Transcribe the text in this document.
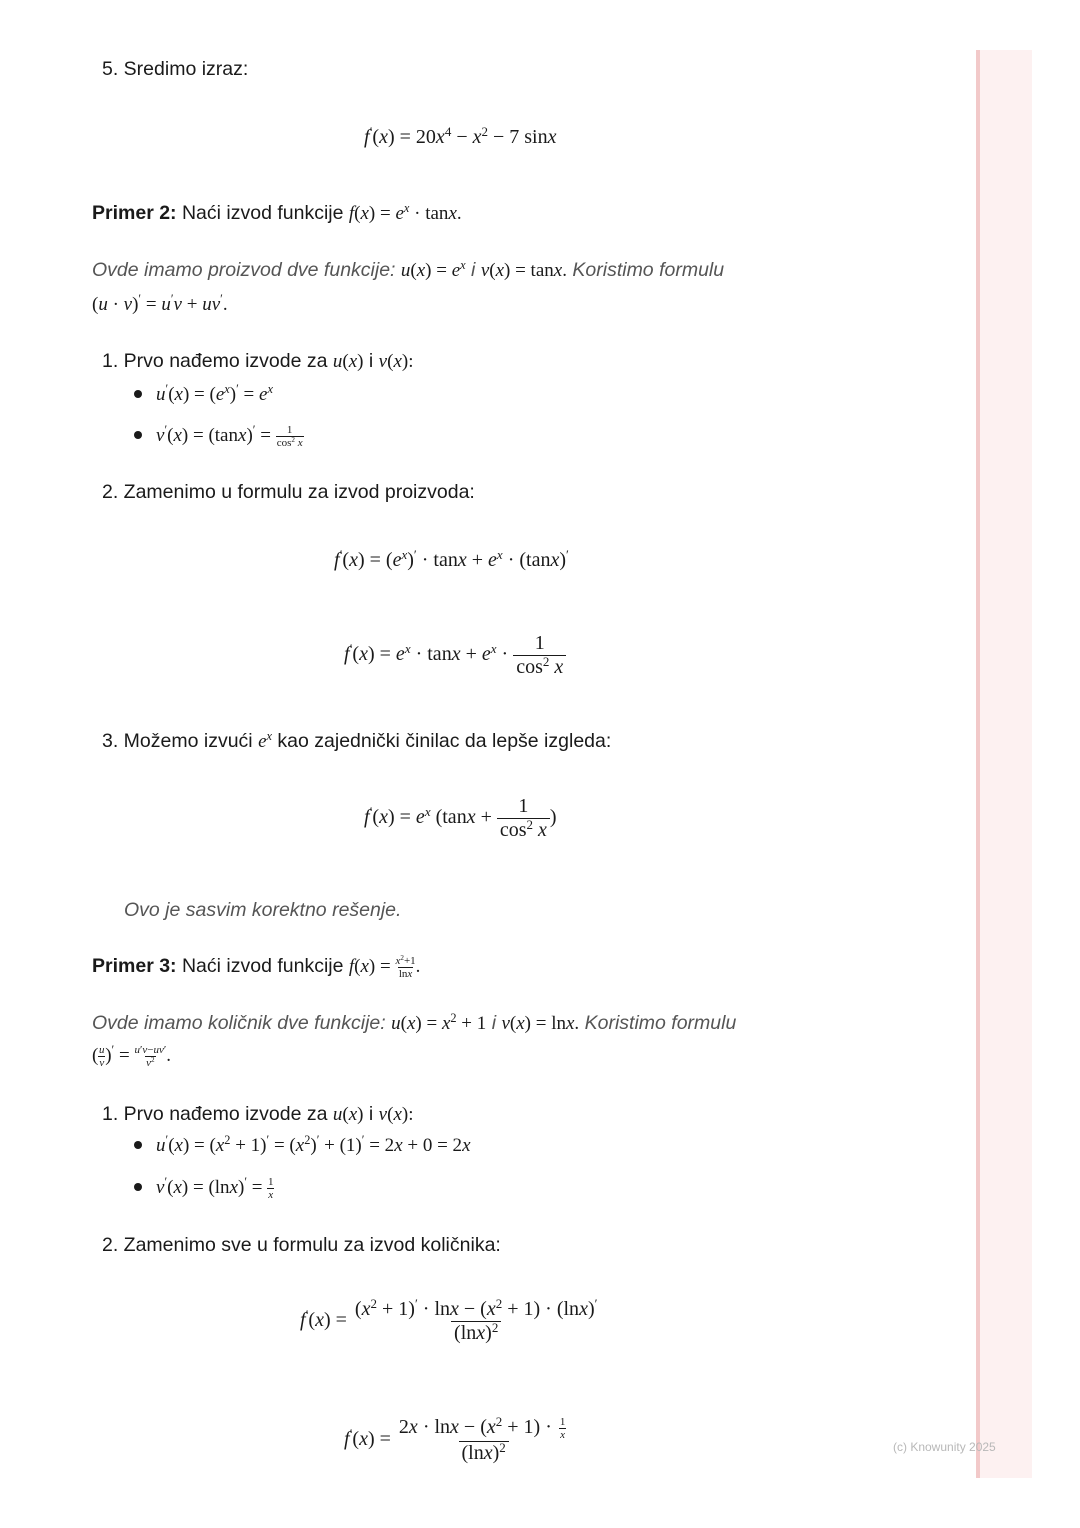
5. Sredimo izraz:
$f'(x) = 20x^4 - x^2 - 7$ sinx
Primer 2: Naći izvod funkcije $f(x) = e^x \cdot \tan x$.
Ovde imamo proizvod dve funkcije: $u(x) = e^x$ i v(x) = tanx. Koristimo formulu
(u · v)′ = u′v + uv′.
1. Prvo nađemo izvode za u(x) i v(x):
$u'(x) = (e^x)' = e^x$
$v'(x) = (\tan x)' = \frac{1}{\cos^2 x}$
2. Zamenimo u formulu za izvod proizvoda:
$f'(x) = (e^x)' \cdot \tan x + e^x \cdot (\tan x)'$
$f'(x) = e^x \cdot \tan x + e^x \cdot \frac{1}{\cos^2 x}$
3. Možemo izvući $e^x$ kao zajednički činilac da lepše izgleda:
$f'(x) = e^x$ ($\tan x + \frac{1}{\cos^2 x}$ )
Ovo je sasvim korektno rešenje.
Primer 3: Naći izvod funkcije $f(x) = \frac{x^2+1}{\ln x}$ .
Ovde imamo količnik dve funkcije: $u(x) = x^2 + 1$ i v(x) = lnx. Koristimo formulu
( $\frac{u}{v} )' = \frac{u'v-uv'}{v^2}$ .
1. Prvo nađemo izvode za u(x) i v(x):
$u'(x) = (x^2 + 1)' = (x^2)' + (1)' = 2x + 0 = 2x$
$v'(x) = (\ln x)' = \frac{1}{x}$
2. Zamenimo sve u formulu za izvod količnika:
$f'(x) = \frac{(x^2 + 1)' \cdot \ln x - (x^2 + 1) \cdot (\ln x)'}{(\ln x)^2}$
$f'(x) = \frac{2x \cdot \ln x - (x^2 + 1) \cdot \frac{1}{x}}{(\ln x)^2}$	(c) Knowunity 2025
